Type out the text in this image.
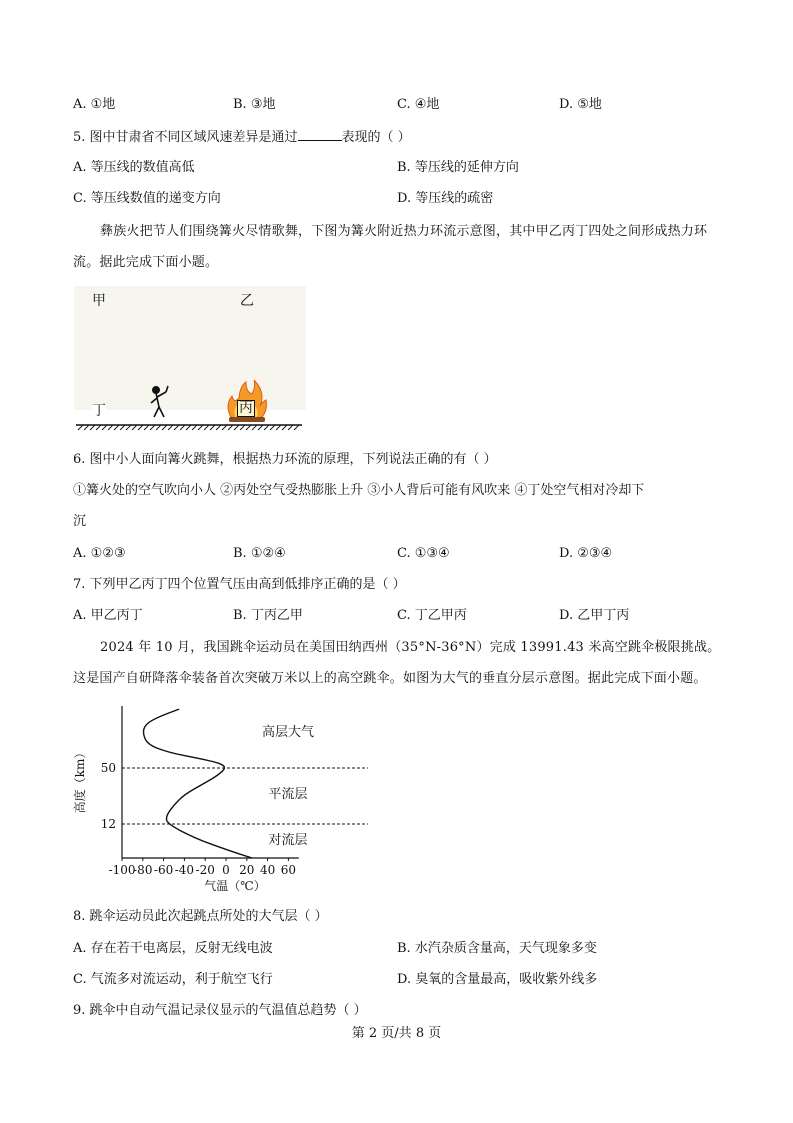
A. ①地	B. ③地	C. ④地	D. ⑤地
5. 图中甘肃省不同区域风速差异是通过	表现的（ ）
A. 等压线的数值高低	B. 等压线的延伸方向
C. 等压线数值的递变方向	D. 等压线的疏密
彝族火把节人们围绕篝火尽情歌舞，下图为篝火附近热力环流示意图，其中甲乙丙丁四处之间形成热力环流。据此完成下面小题。
甲	乙
丁	丙
6. 图中小人面向篝火跳舞，根据热力环流的原理，下列说法正确的有（ ）
①篝火处的空气吹向小人 ②丙处空气受热膨胀上升 ③小人背后可能有风吹来 ④丁处空气相对冷却下
沉
A. ①②③	B. ①②④	C. ①③④	D. ②③④
7. 下列甲乙丙丁四个位置气压由高到低排序正确的是（ ）
A. 甲乙丙丁	B. 丁丙乙甲	C. 丁乙甲丙	D. 乙甲丁丙
2024 年 10 月，我国跳伞运动员在美国田纳西州（35°N-36°N）完成 13991.43 米高空跳伞极限挑战。这是国产自研降落伞装备首次突破万米以上的高空跳伞。如图为大气的垂直分层示意图。据此完成下面小题。
12
50
-100
-80 -60 -40 -20 0 20 40 60
高度（km）
气温（℃）
对流层
平流层
高层大气
8. 跳伞运动员此次起跳点所处的大气层（ ）
A. 存在若干电离层，反射无线电波	B. 水汽杂质含量高，天气现象多变
C. 气流多对流运动，利于航空飞行	D. 臭氧的含量最高，吸收紫外线多
9. 跳伞中自动气温记录仪显示的气温值总趋势（ ）
第 2 页/共 8 页
